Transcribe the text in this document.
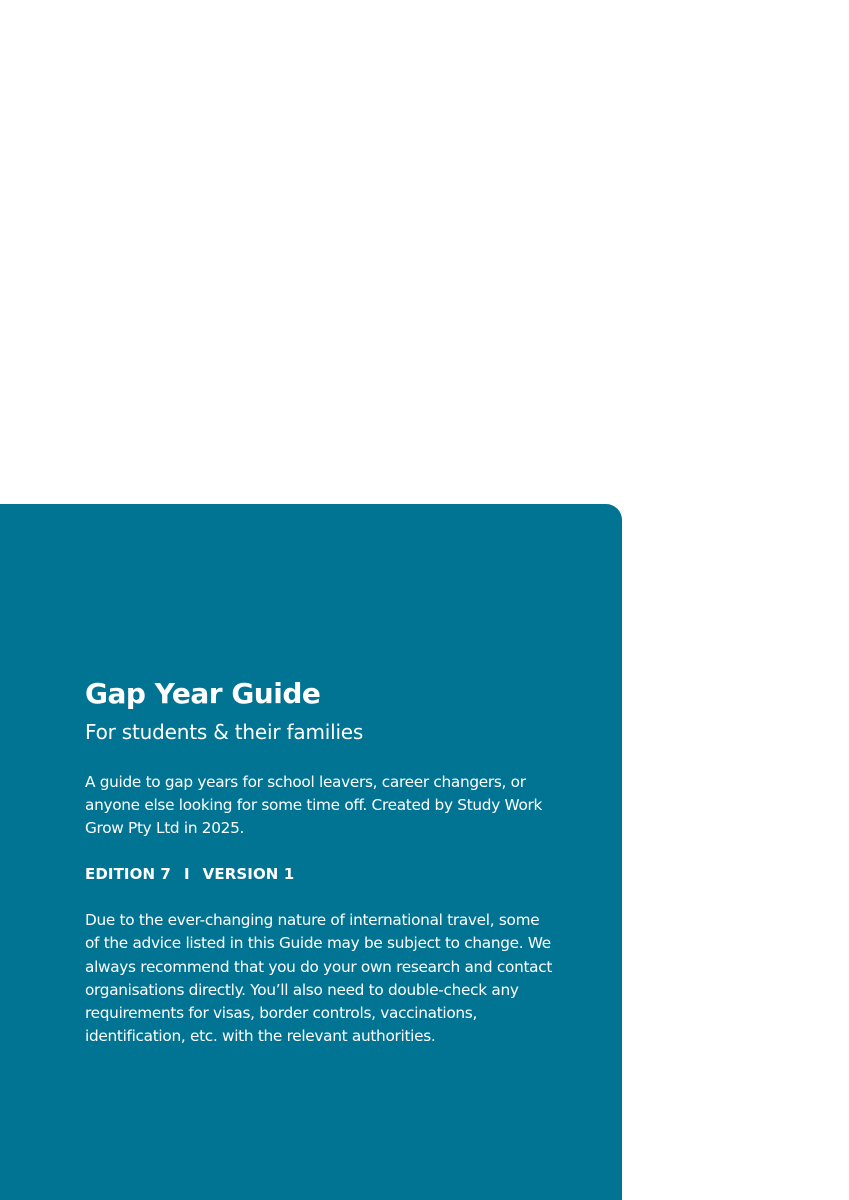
Gap Year Guide
For students & their families

A guide to gap years for school leavers, career changers, or anyone else looking for some time off. Created by Study Work Grow Pty Ltd in 2025.

EDITION 7 I VERSION 1

Due to the ever-changing nature of international travel, some of the advice listed in this Guide may be subject to change. We always recommend that you do your own research and contact organisations directly. You’ll also need to double-check any requirements for visas, border controls, vaccinations, identification, etc. with the relevant authorities.
